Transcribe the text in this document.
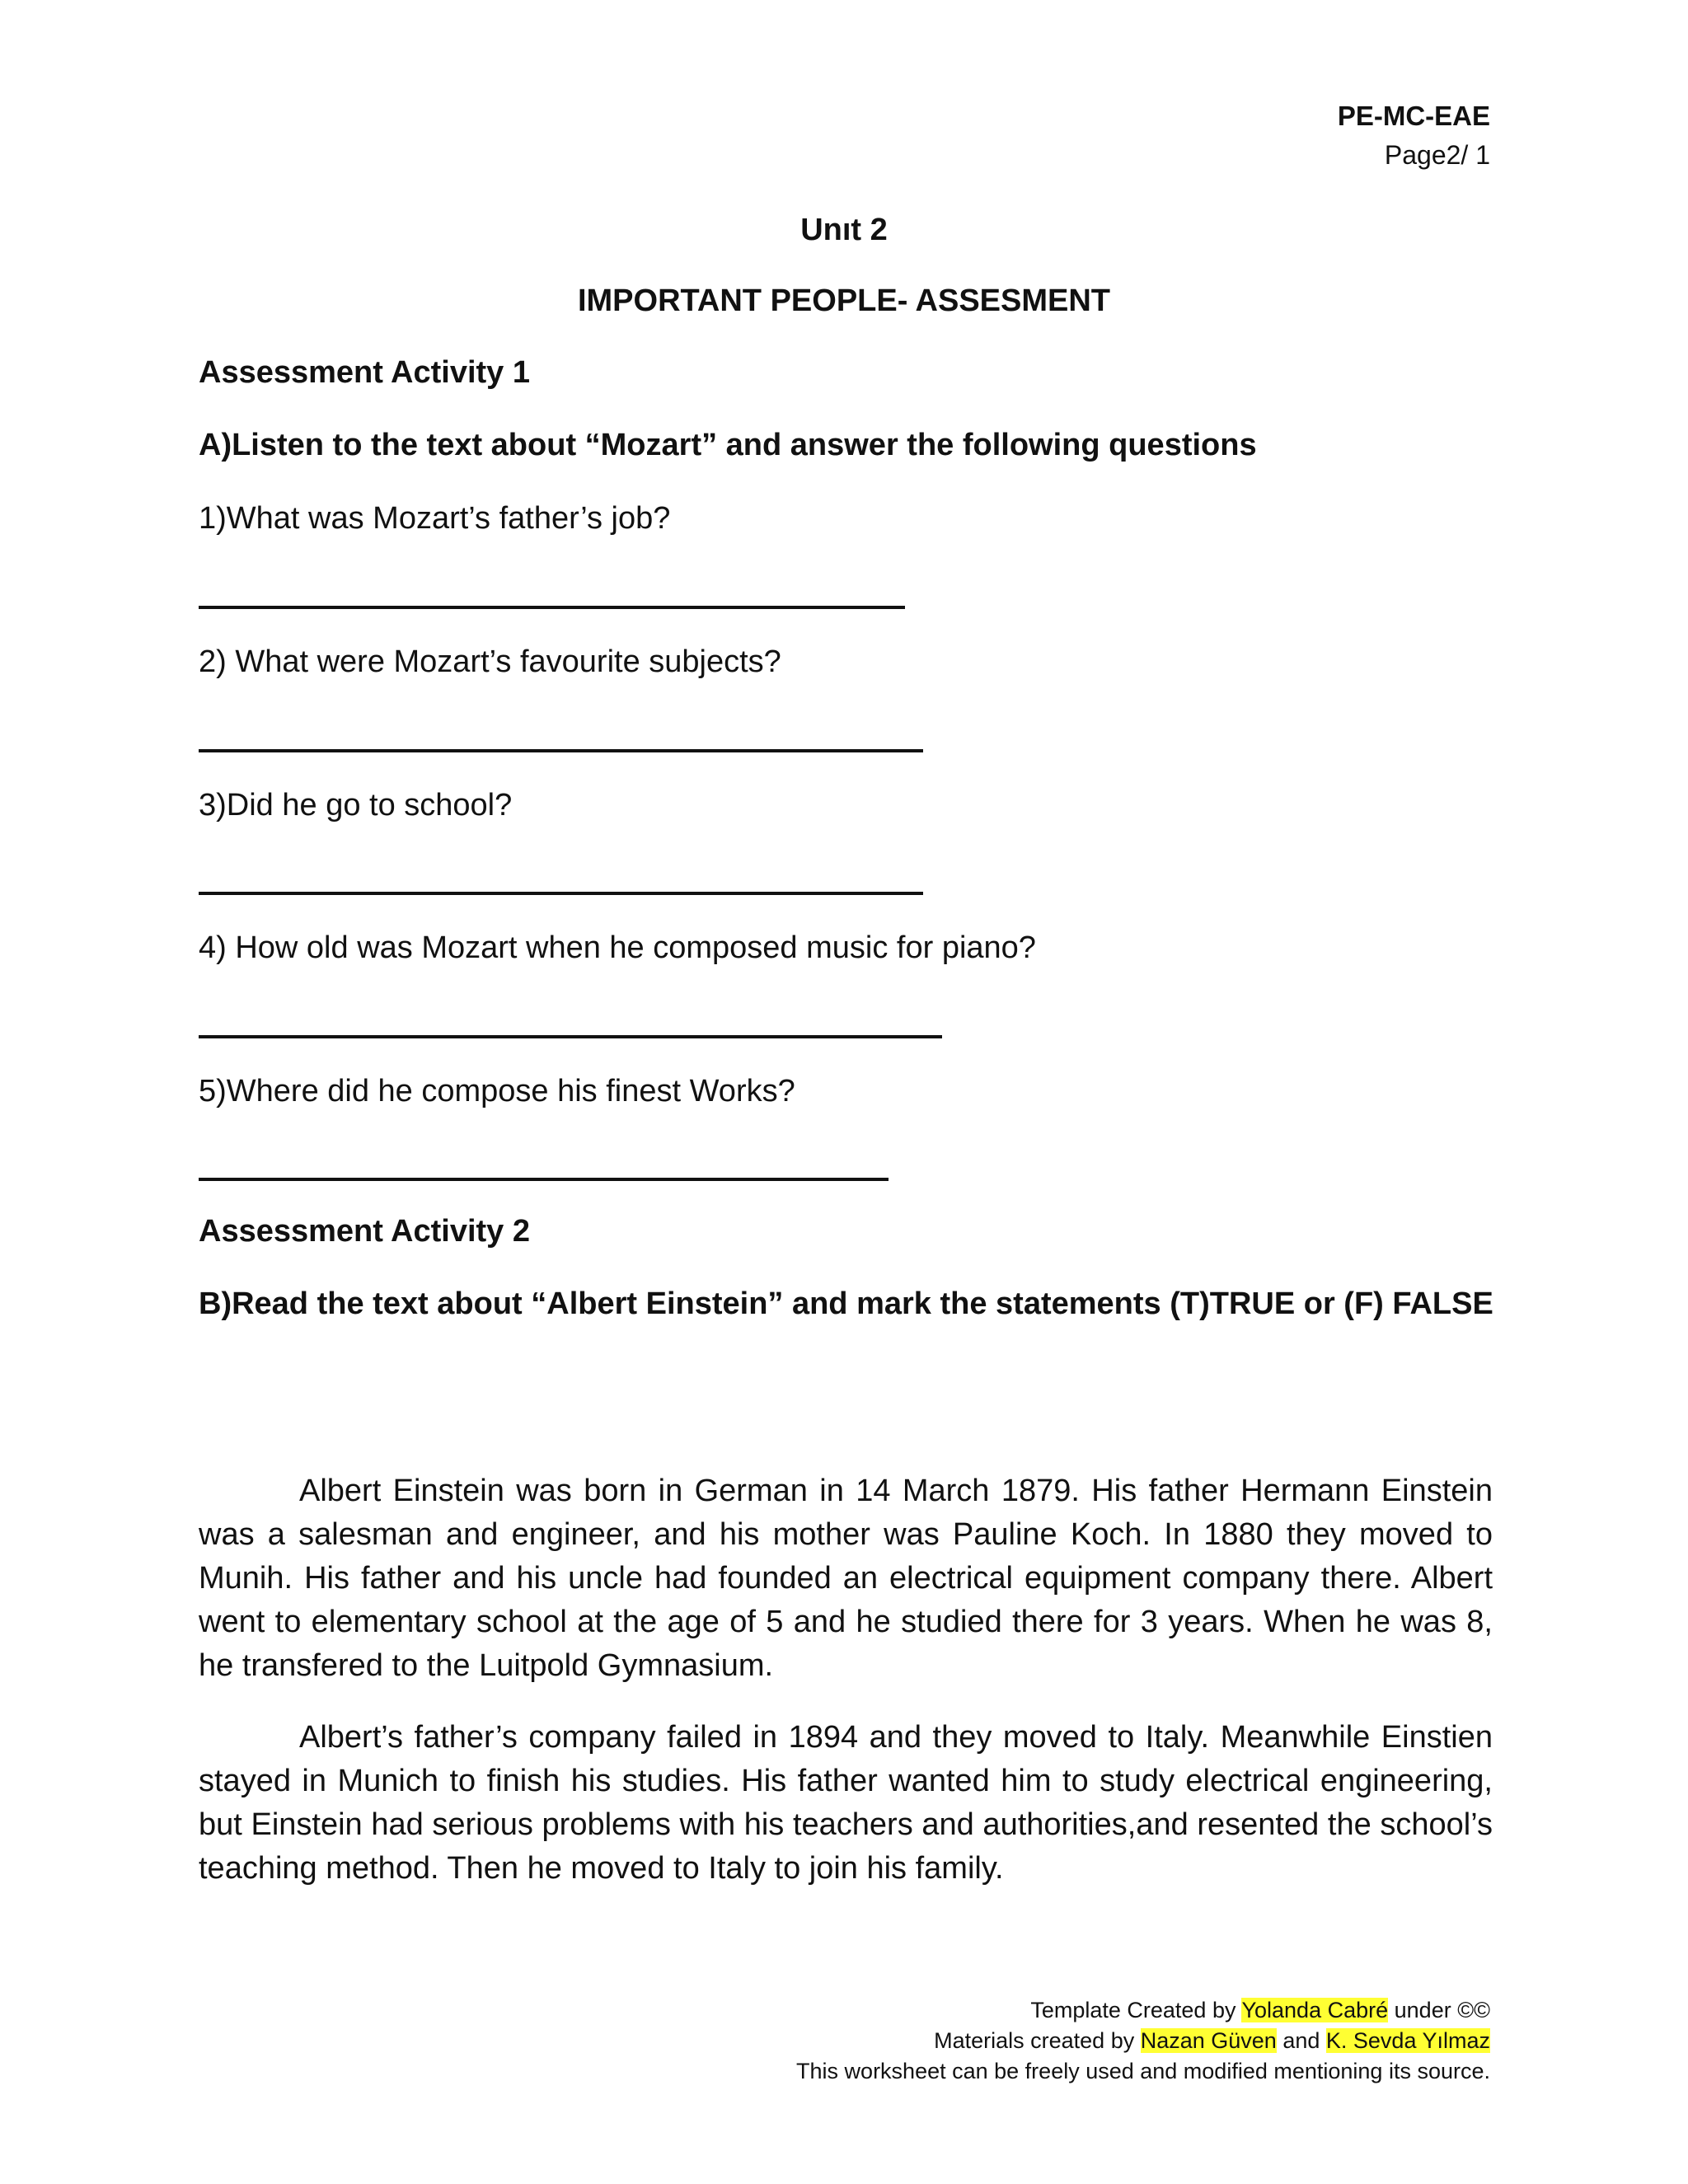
PE-MC-EAE
Page2/ 1
Unıt 2
IMPORTANT PEOPLE- ASSESMENT
Assessment Activity 1
A)Listen to the text about “Mozart” and answer the following questions
1)What was Mozart’s father’s job?
2) What were Mozart’s favourite subjects?
3)Did he go to school?
4) How old was Mozart when he composed music for piano?
5)Where did he compose his finest Works?
Assessment Activity 2
B)Read the text about “Albert Einstein” and mark the statements (T)TRUE or (F) FALSE

Albert Einstein was born in German in 14 March 1879. His father Hermann Einstein was a salesman and engineer, and his mother was Pauline Koch. In 1880 they moved to Munih. His father and his uncle had founded an electrical equipment company there. Albert went to elementary school at the age of 5 and he studied there for 3 years. When he was 8, he transfered to the Luitpold Gymnasium.

Albert’s father’s company failed in 1894 and they moved to Italy. Meanwhile Einstien stayed in Munich to finish his studies. His father wanted him to study electrical engineering, but Einstein had serious problems with his teachers and authorities,and resented the school’s teaching method. Then he moved to Italy to join his family.

Template Created by Yolanda Cabré under ©©
Materials created by Nazan Güven and K. Sevda Yılmaz
This worksheet can be freely used and modified mentioning its source.
